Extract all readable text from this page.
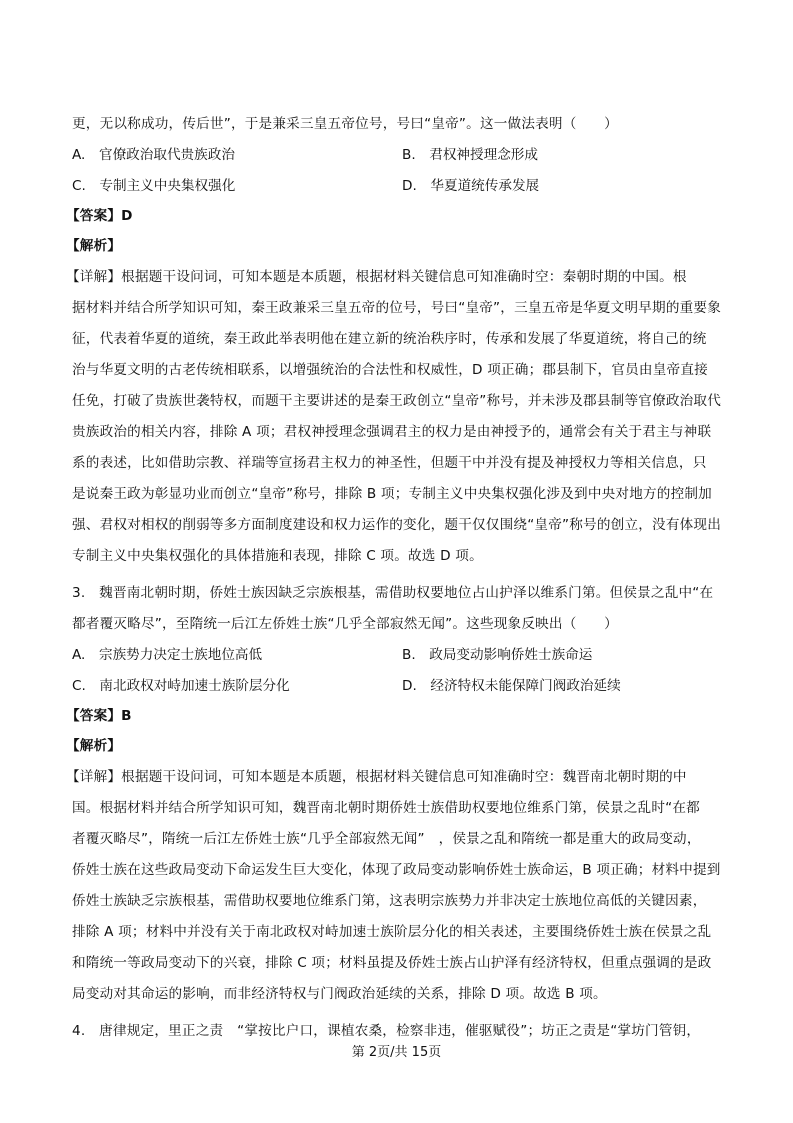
更，无以称成功，传后世”，于是兼采三皇五帝位号，号曰“皇帝”。这一做法表明（　　）
A.　官僚政治取代贵族政治	B.　君权神授理念形成
C.　专制主义中央集权强化	D.　华夏道统传承发展
【答案】D
【解析】
【详解】根据题干设问词，可知本题是本质题，根据材料关键信息可知准确时空：秦朝时期的中国。根
据材料并结合所学知识可知，秦王政兼采三皇五帝的位号，号曰“皇帝”，三皇五帝是华夏文明早期的重要象
征，代表着华夏的道统，秦王政此举表明他在建立新的统治秩序时，传承和发展了华夏道统，将自己的统
治与华夏文明的古老传统相联系，以增强统治的合法性和权威性，D 项正确；郡县制下，官员由皇帝直接
任免，打破了贵族世袭特权，而题干主要讲述的是秦王政创立“皇帝”称号，并未涉及郡县制等官僚政治取代
贵族政治的相关内容，排除 A 项；君权神授理念强调君主的权力是由神授予的，通常会有关于君主与神联
系的表述，比如借助宗教、祥瑞等宣扬君主权力的神圣性，但题干中并没有提及神授权力等相关信息，只
是说秦王政为彰显功业而创立“皇帝”称号，排除 B 项；专制主义中央集权强化涉及到中央对地方的控制加
强、君权对相权的削弱等多方面制度建设和权力运作的变化，题干仅仅围绕“皇帝”称号的创立，没有体现出
专制主义中央集权强化的具体措施和表现，排除 C 项。故选 D 项。
3.　魏晋南北朝时期，侨姓士族因缺乏宗族根基，需借助权要地位占山护泽以维系门第。但侯景之乱中“在
都者覆灭略尽”，至隋统一后江左侨姓士族“几乎全部寂然无闻”。这些现象反映出（　　）
A.　宗族势力决定士族地位高低	B.　政局变动影响侨姓士族命运
C.　南北政权对峙加速士族阶层分化	D.　经济特权未能保障门阀政治延续
【答案】B
【解析】
【详解】根据题干设问词，可知本题是本质题，根据材料关键信息可知准确时空：魏晋南北朝时期的中
国。根据材料并结合所学知识可知，魏晋南北朝时期侨姓士族借助权要地位维系门第，侯景之乱时“在都
者覆灭略尽”，隋统一后江左侨姓士族“几乎全部寂然无闻”　，侯景之乱和隋统一都是重大的政局变动，
侨姓士族在这些政局变动下命运发生巨大变化，体现了政局变动影响侨姓士族命运，B 项正确；材料中提到
侨姓士族缺乏宗族根基，需借助权要地位维系门第，这表明宗族势力并非决定士族地位高低的关键因素，
排除 A 项；材料中并没有关于南北政权对峙加速士族阶层分化的相关表述，主要围绕侨姓士族在侯景之乱
和隋统一等政局变动下的兴衰，排除 C 项；材料虽提及侨姓士族占山护泽有经济特权，但重点强调的是政
局变动对其命运的影响，而非经济特权与门阀政治延续的关系，排除 D 项。故选 B 项。
4.　唐律规定，里正之责　“掌按比户口，课植农桑，检察非违，催驱赋役”；坊正之责是“掌坊门管钥，
第 2页/共 15页
